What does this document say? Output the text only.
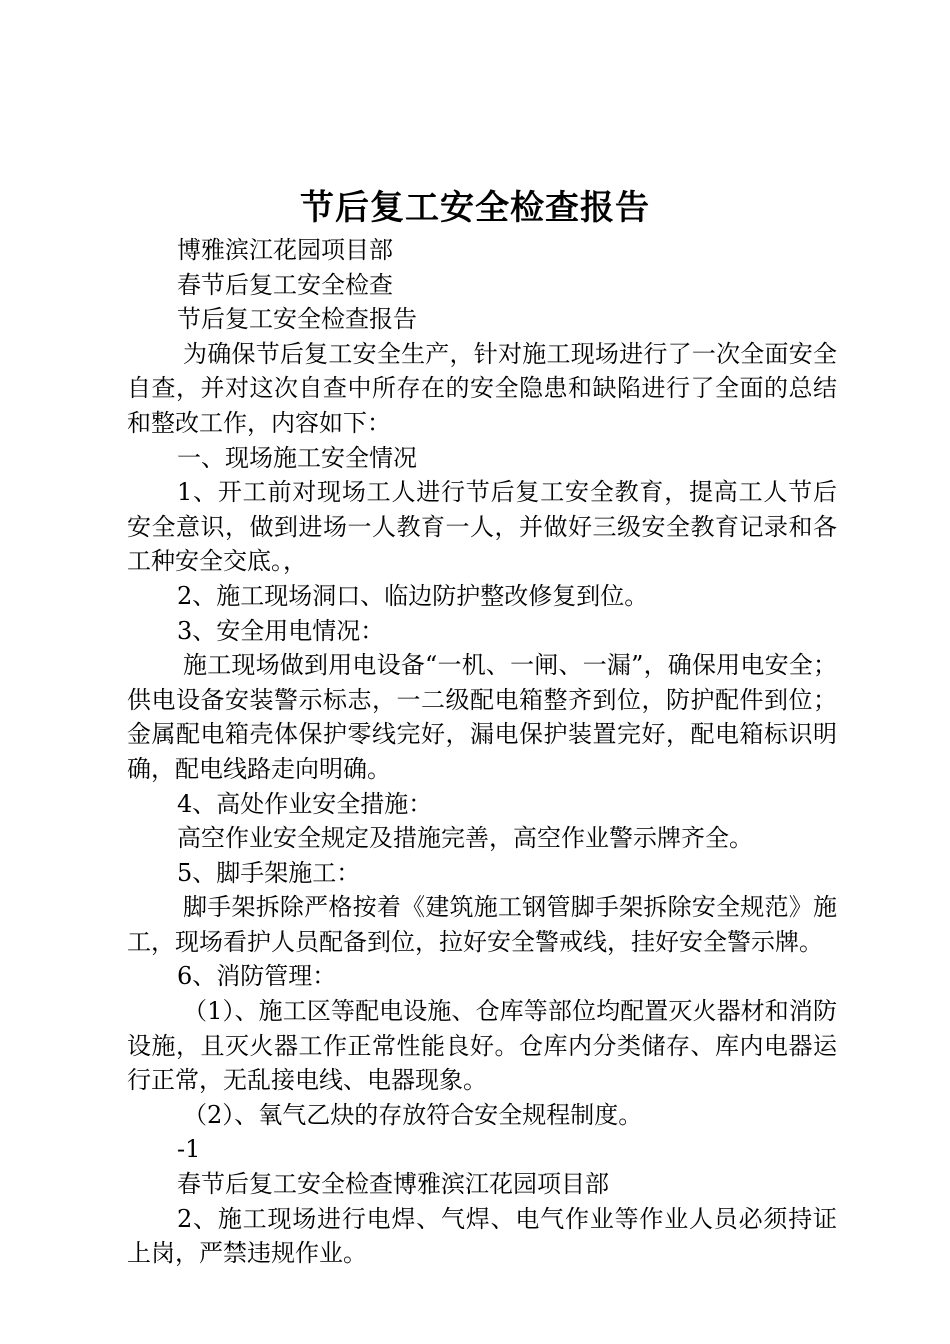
节后复工安全检查报告

博雅滨江花园项目部

春节后复工安全检查

节后复工安全检查报告

为确保节后复工安全生产，针对施工现场进行了一次全面安全自查，并对这次自查中所存在的安全隐患和缺陷进行了全面的总结和整改工作，内容如下：

一、现场施工安全情况

1、开工前对现场工人进行节后复工安全教育，提高工人节后安全意识，做到进场一人教育一人，并做好三级安全教育记录和各工种安全交底。，

2、施工现场洞口、临边防护整改修复到位。

3、安全用电情况：

施工现场做到用电设备“一机、一闸、一漏”，确保用电安全；供电设备安装警示标志，一二级配电箱整齐到位，防护配件到位；金属配电箱壳体保护零线完好，漏电保护装置完好，配电箱标识明确，配电线路走向明确。

4、高处作业安全措施：

高空作业安全规定及措施完善，高空作业警示牌齐全。

5、脚手架施工：

脚手架拆除严格按着《建筑施工钢管脚手架拆除安全规范》施工，现场看护人员配备到位，拉好安全警戒线，挂好安全警示牌。

6、消防管理：

（1）、施工区等配电设施、仓库等部位均配置灭火器材和消防设施，且灭火器工作正常性能良好。仓库内分类储存、库内电器运行正常，无乱接电线、电器现象。

（2）、氧气乙炔的存放符合安全规程制度。

-1

春节后复工安全检查博雅滨江花园项目部

2、施工现场进行电焊、气焊、电气作业等作业人员必须持证上岗，严禁违规作业。
